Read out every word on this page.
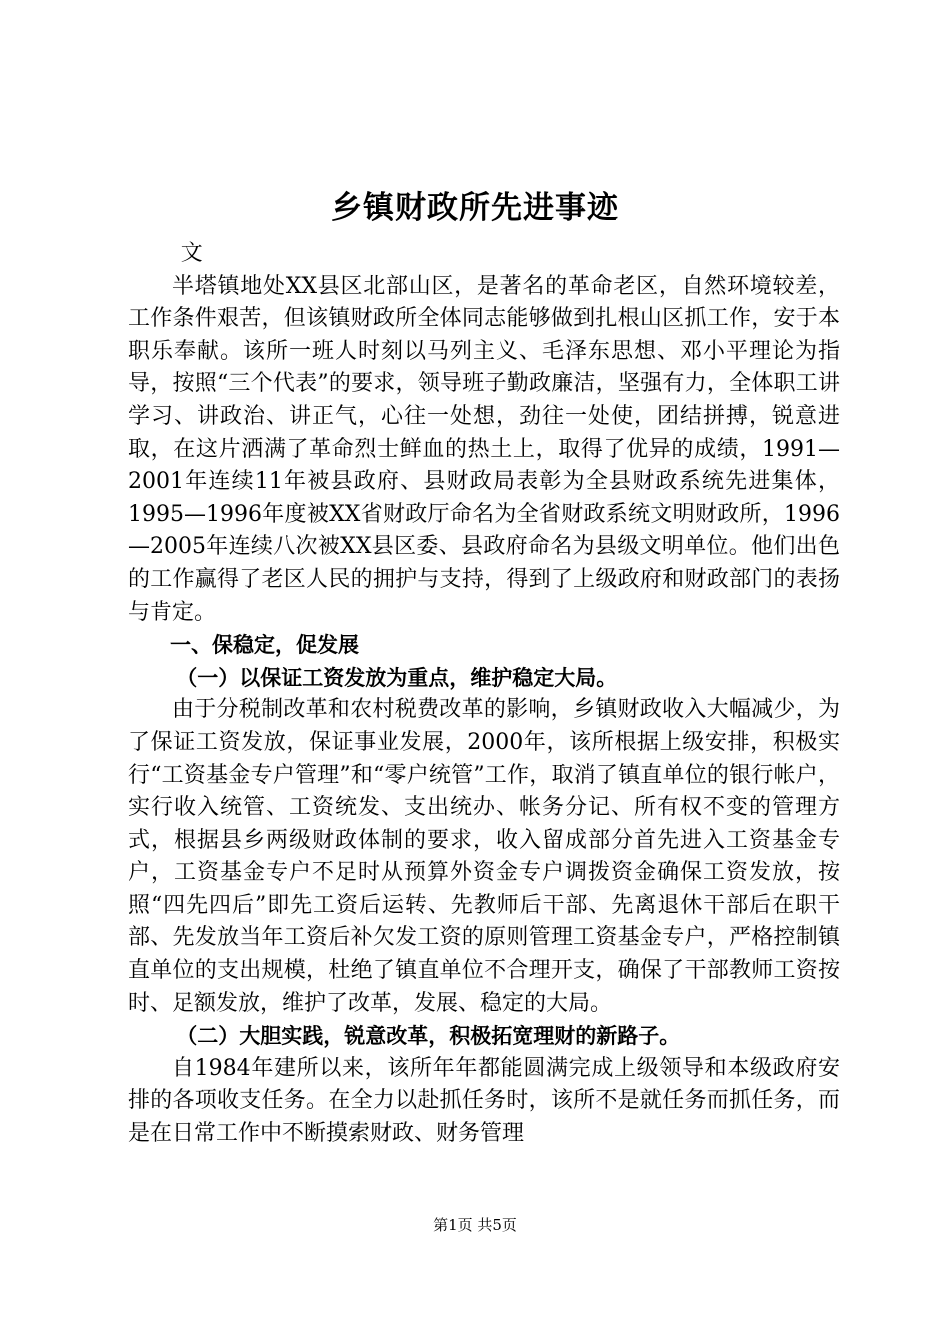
乡镇财政所先进事迹

文

半塔镇地处XX县区北部山区，是著名的革命老区，自然环境较差，工作条件艰苦，但该镇财政所全体同志能够做到扎根山区抓工作，安于本职乐奉献。该所一班人时刻以马列主义、毛泽东思想、邓小平理论为指导，按照“三个代表”的要求，领导班子勤政廉洁，坚强有力，全体职工讲学习、讲政治、讲正气，心往一处想，劲往一处使，团结拼搏，锐意进取，在这片洒满了革命烈士鲜血的热土上，取得了优异的成绩，1991—2001年连续11年被县政府、县财政局表彰为全县财政系统先进集体，1995—1996年度被XX省财政厅命名为全省财政系统文明财政所，1996—2005年连续八次被XX县区委、县政府命名为县级文明单位。他们出色的工作赢得了老区人民的拥护与支持，得到了上级政府和财政部门的表扬与肯定。

一、保稳定，促发展

（一）以保证工资发放为重点，维护稳定大局。

由于分税制改革和农村税费改革的影响，乡镇财政收入大幅减少，为了保证工资发放，保证事业发展，2000年，该所根据上级安排，积极实行“工资基金专户管理”和“零户统管”工作，取消了镇直单位的银行帐户，实行收入统管、工资统发、支出统办、帐务分记、所有权不变的管理方式，根据县乡两级财政体制的要求，收入留成部分首先进入工资基金专户，工资基金专户不足时从预算外资金专户调拨资金确保工资发放，按照“四先四后”即先工资后运转、先教师后干部、先离退休干部后在职干部、先发放当年工资后补欠发工资的原则管理工资基金专户，严格控制镇直单位的支出规模，杜绝了镇直单位不合理开支，确保了干部教师工资按时、足额发放，维护了改革，发展、稳定的大局。

（二）大胆实践，锐意改革，积极拓宽理财的新路子。

自1984年建所以来，该所年年都能圆满完成上级领导和本级政府安排的各项收支任务。在全力以赴抓任务时，该所不是就任务而抓任务，而是在日常工作中不断摸索财政、财务管理

第1页 共5页
